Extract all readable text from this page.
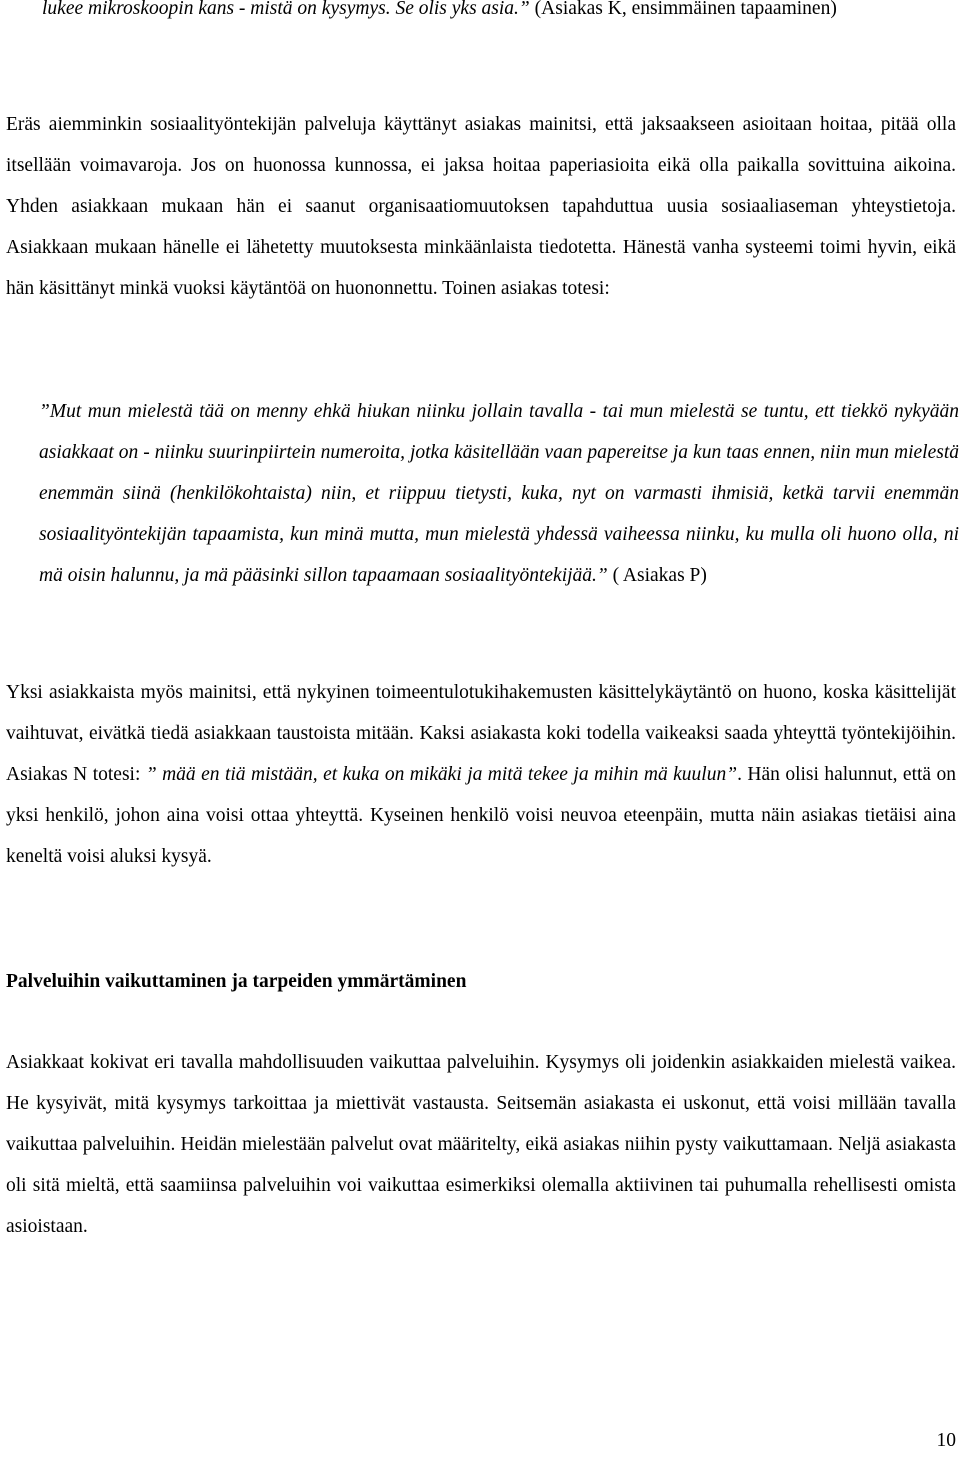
lukee mikroskoopin kans - mistä on kysymys. Se olis yks asia.” (Asiakas K, ensimmäinen tapaaminen)

Eräs aiemminkin sosiaalityöntekijän palveluja käyttänyt asiakas mainitsi, että jaksaakseen asioitaan hoitaa, pitää olla itsellään voimavaroja. Jos on huonossa kunnossa, ei jaksa hoitaa paperiasioita eikä olla paikalla sovittuina aikoina. Yhden asiakkaan mukaan hän ei saanut organisaatiomuutoksen tapahduttua uusia sosiaaliaseman yhteystietoja. Asiakkaan mukaan hänelle ei lähetetty muutoksesta minkäänlaista tiedotetta. Hänestä vanha systeemi toimi hyvin, eikä hän käsittänyt minkä vuoksi käytäntöä on huononnettu. Toinen asiakas totesi:

”Mut mun mielestä tää on menny ehkä hiukan niinku jollain tavalla - tai mun mielestä se tuntu, ett tiekkö nykyään asiakkaat on - niinku suurinpiirtein numeroita, jotka käsitellään vaan papereitse ja kun taas ennen, niin mun mielestä enemmän siinä (henkilökohtaista) niin, et riippuu tietysti, kuka, nyt on varmasti ihmisiä, ketkä tarvii enemmän sosiaalityöntekijän tapaamista, kun minä mutta, mun mielestä yhdessä vaiheessa niinku, ku mulla oli huono olla, ni mä oisin halunnu, ja mä pääsinki sillon tapaamaan sosiaalityöntekijää.” ( Asiakas P)

Yksi asiakkaista myös mainitsi, että nykyinen toimeentulotukihakemusten käsittelykäytäntö on huono, koska käsittelijät vaihtuvat, eivätkä tiedä asiakkaan taustoista mitään. Kaksi asiakasta koki todella vaikeaksi saada yhteyttä työntekijöihin. Asiakas N totesi: ” mää en tiä mistään, et kuka on mikäki ja mitä tekee ja mihin mä kuulun”. Hän olisi halunnut, että on yksi henkilö, johon aina voisi ottaa yhteyttä. Kyseinen henkilö voisi neuvoa eteenpäin, mutta näin asiakas tietäisi aina keneltä voisi aluksi kysyä.

Palveluihin vaikuttaminen ja tarpeiden ymmärtäminen

Asiakkaat kokivat eri tavalla mahdollisuuden vaikuttaa palveluihin. Kysymys oli joidenkin asiakkaiden mielestä vaikea. He kysyivät, mitä kysymys tarkoittaa ja miettivät vastausta. Seitsemän asiakasta ei uskonut, että voisi millään tavalla vaikuttaa palveluihin. Heidän mielestään palvelut ovat määritelty, eikä asiakas niihin pysty vaikuttamaan. Neljä asiakasta oli sitä mieltä, että saamiinsa palveluihin voi vaikuttaa esimerkiksi olemalla aktiivinen tai puhumalla rehellisesti omista asioistaan.

10
